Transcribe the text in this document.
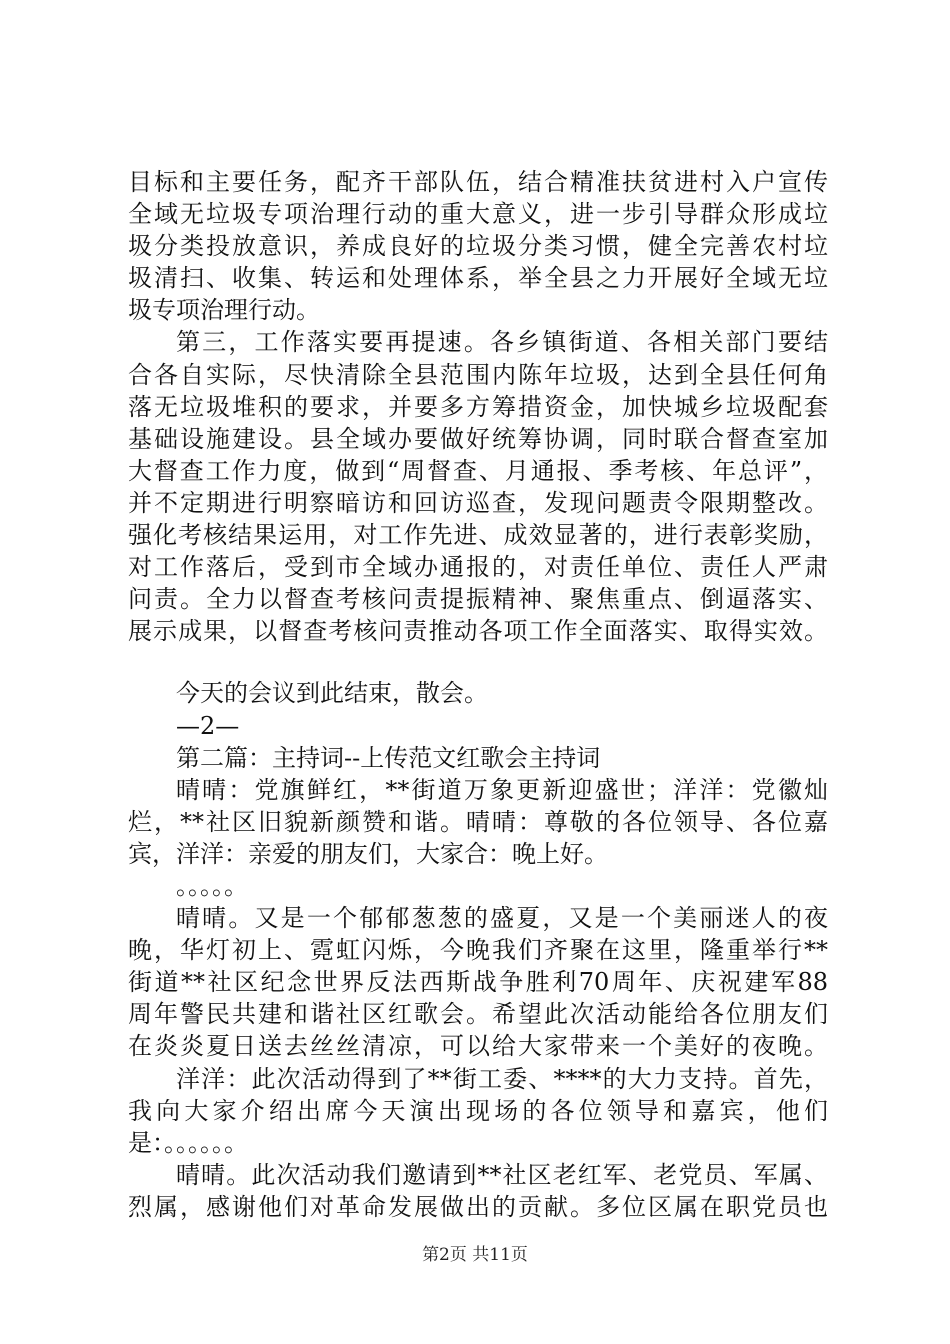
目标和主要任务，配齐干部队伍，结合精准扶贫进村入户宣传
全域无垃圾专项治理行动的重大意义，进一步引导群众形成垃
圾分类投放意识，养成良好的垃圾分类习惯，健全完善农村垃
圾清扫、收集、转运和处理体系，举全县之力开展好全域无垃
圾专项治理行动。
第三，工作落实要再提速。各乡镇街道、各相关部门要结
合各自实际，尽快清除全县范围内陈年垃圾，达到全县任何角
落无垃圾堆积的要求，并要多方筹措资金，加快城乡垃圾配套
基础设施建设。县全域办要做好统筹协调，同时联合督查室加
大督查工作力度，做到“周督查、月通报、季考核、年总评”，
并不定期进行明察暗访和回访巡查，发现问题责令限期整改。
强化考核结果运用，对工作先进、成效显著的，进行表彰奖励，
对工作落后，受到市全域办通报的，对责任单位、责任人严肃
问责。全力以督查考核问责提振精神、聚焦重点、倒逼落实、
展示成果，以督查考核问责推动各项工作全面落实、取得实效。
今天的会议到此结束，散会。
—2—
第二篇：主持词--上传范文红歌会主持词
晴晴：党旗鲜红，**街道万象更新迎盛世；洋洋：党徽灿
烂，**社区旧貌新颜赞和谐。晴晴：尊敬的各位领导、各位嘉
宾，洋洋：亲爱的朋友们，大家合：晚上好。
。。。。。
晴晴。又是一个郁郁葱葱的盛夏，又是一个美丽迷人的夜
晚，华灯初上、霓虹闪烁，今晚我们齐聚在这里，隆重举行**
街道**社区纪念世界反法西斯战争胜利70周年、庆祝建军88
周年警民共建和谐社区红歌会。希望此次活动能给各位朋友们
在炎炎夏日送去丝丝清凉，可以给大家带来一个美好的夜晚。
洋洋：此次活动得到了**街工委、****的大力支持。首先，
我向大家介绍出席今天演出现场的各位领导和嘉宾，他们
是：。。。。。。
晴晴。此次活动我们邀请到**社区老红军、老党员、军属、
烈属，感谢他们对革命发展做出的贡献。多位区属在职党员也
第2页 共11页
